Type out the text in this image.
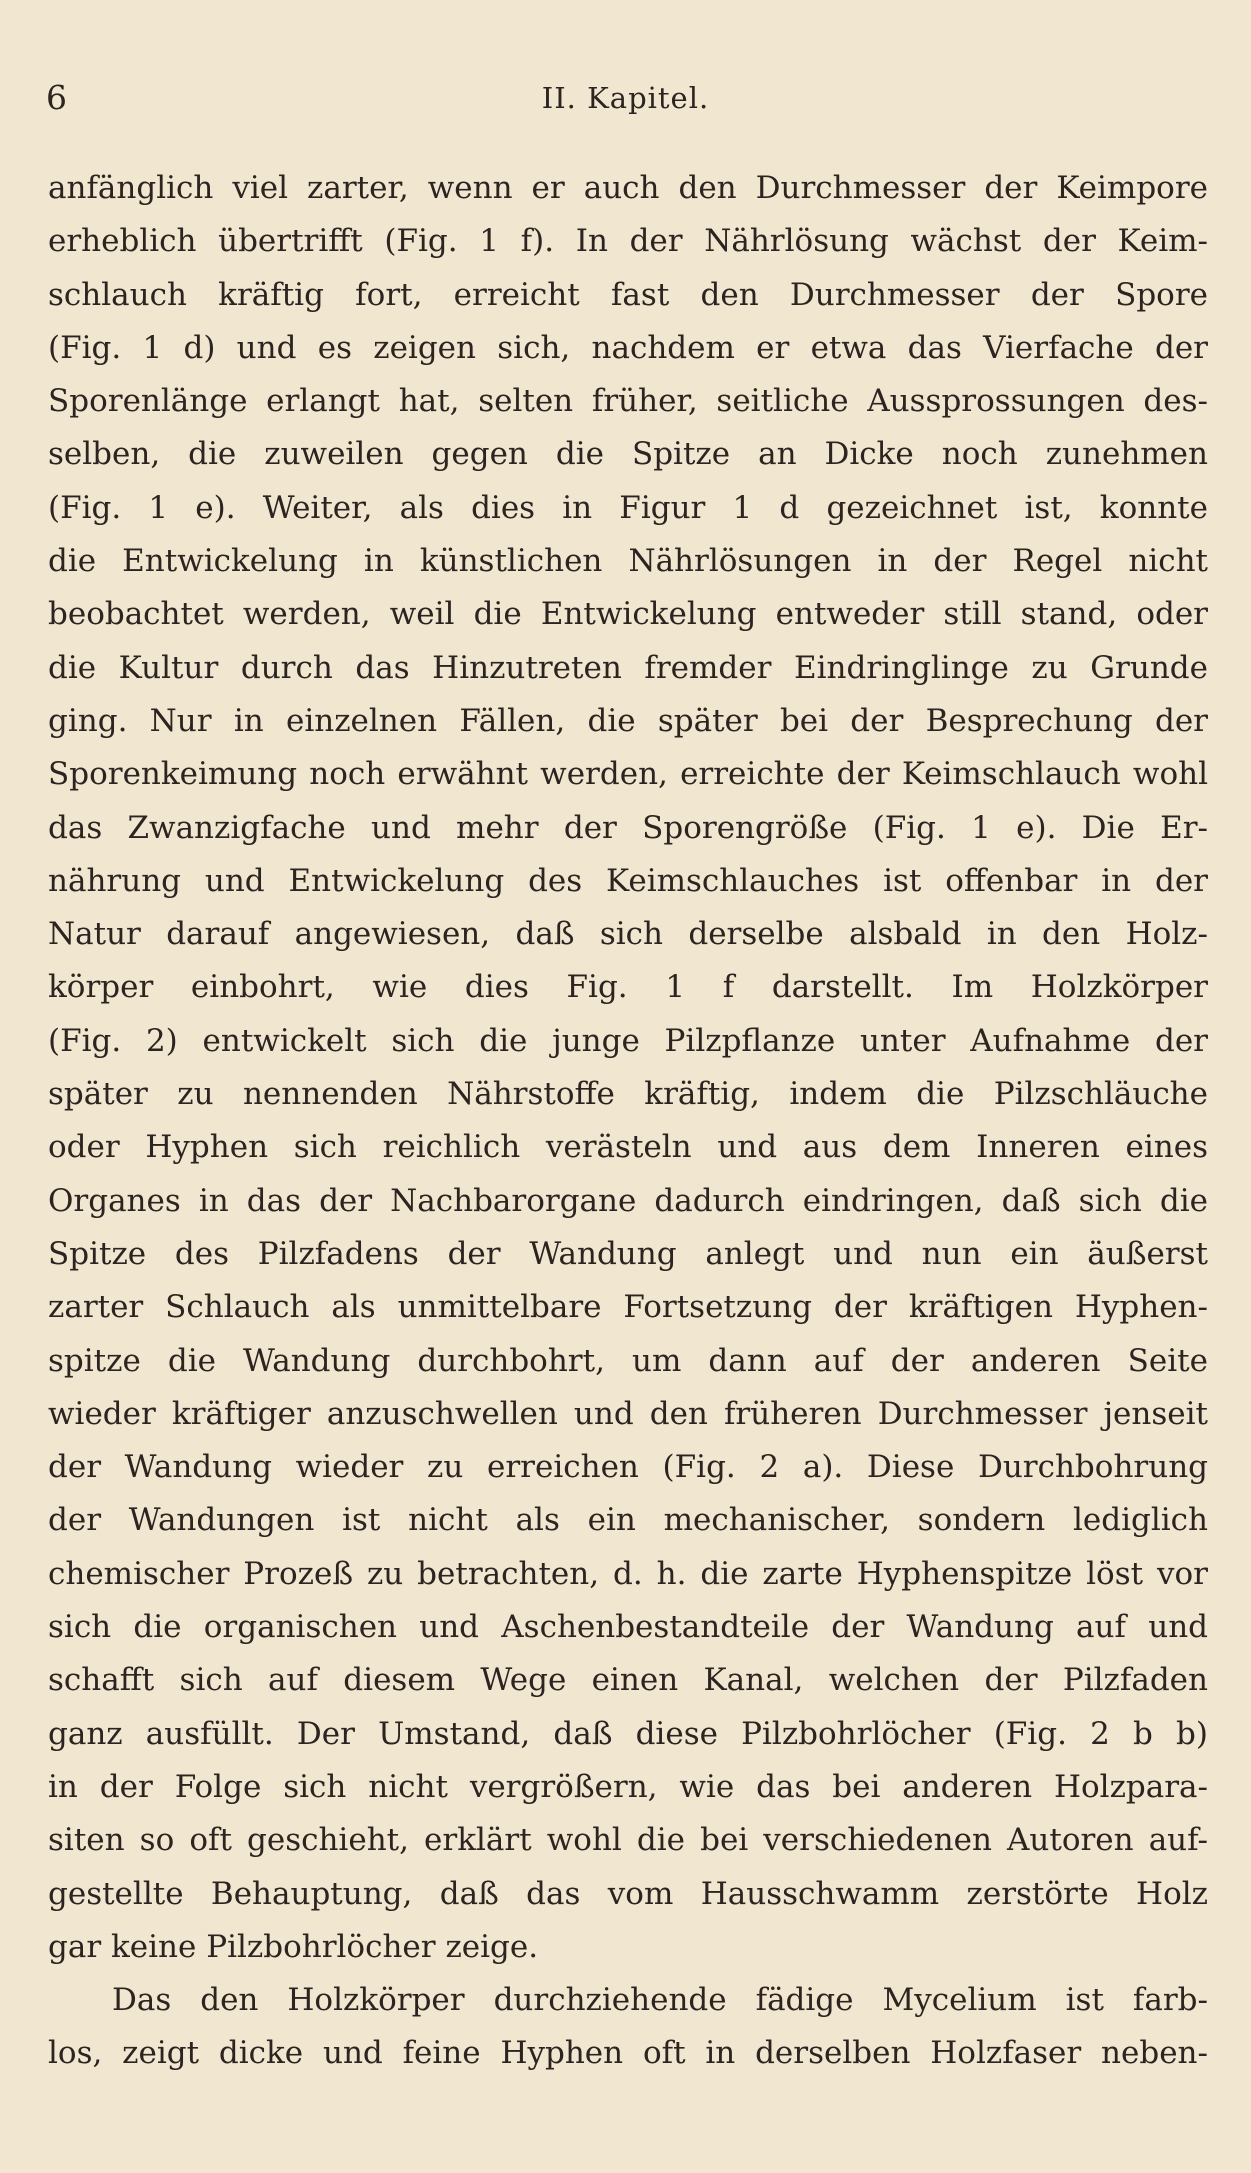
6	II. Kapitel.
anfänglich viel zarter, wenn er auch den Durchmesser der Keimpore
erheblich übertrifft (Fig. 1 f). In der Nährlösung wächst der Keim-
schlauch kräftig fort, erreicht fast den Durchmesser der Spore
(Fig. 1 d) und es zeigen sich, nachdem er etwa das Vierfache der
Sporenlänge erlangt hat, selten früher, seitliche Aussprossungen des-
selben, die zuweilen gegen die Spitze an Dicke noch zunehmen
(Fig. 1 e). Weiter, als dies in Figur 1 d gezeichnet ist, konnte
die Entwickelung in künstlichen Nährlösungen in der Regel nicht
beobachtet werden, weil die Entwickelung entweder still stand, oder
die Kultur durch das Hinzutreten fremder Eindringlinge zu Grunde
ging. Nur in einzelnen Fällen, die später bei der Besprechung der
Sporenkeimung noch erwähnt werden, erreichte der Keimschlauch wohl
das Zwanzigfache und mehr der Sporengröße (Fig. 1 e). Die Er-
nährung und Entwickelung des Keimschlauches ist offenbar in der
Natur darauf angewiesen, daß sich derselbe alsbald in den Holz-
körper einbohrt, wie dies Fig. 1 f darstellt. Im Holzkörper
(Fig. 2) entwickelt sich die junge Pilzpflanze unter Aufnahme der
später zu nennenden Nährstoffe kräftig, indem die Pilzschläuche
oder Hyphen sich reichlich verästeln und aus dem Inneren eines
Organes in das der Nachbarorgane dadurch eindringen, daß sich die
Spitze des Pilzfadens der Wandung anlegt und nun ein äußerst
zarter Schlauch als unmittelbare Fortsetzung der kräftigen Hyphen-
spitze die Wandung durchbohrt, um dann auf der anderen Seite
wieder kräftiger anzuschwellen und den früheren Durchmesser jenseit
der Wandung wieder zu erreichen (Fig. 2 a). Diese Durchbohrung
der Wandungen ist nicht als ein mechanischer, sondern lediglich
chemischer Prozeß zu betrachten, d. h. die zarte Hyphenspitze löst vor
sich die organischen und Aschenbestandteile der Wandung auf und
schafft sich auf diesem Wege einen Kanal, welchen der Pilzfaden
ganz ausfüllt. Der Umstand, daß diese Pilzbohrlöcher (Fig. 2 b b)
in der Folge sich nicht vergrößern, wie das bei anderen Holzpara-
siten so oft geschieht, erklärt wohl die bei verschiedenen Autoren auf-
gestellte Behauptung, daß das vom Hausschwamm zerstörte Holz
gar keine Pilzbohrlöcher zeige.
Das den Holzkörper durchziehende fädige Mycelium ist farb-
los, zeigt dicke und feine Hyphen oft in derselben Holzfaser neben-
